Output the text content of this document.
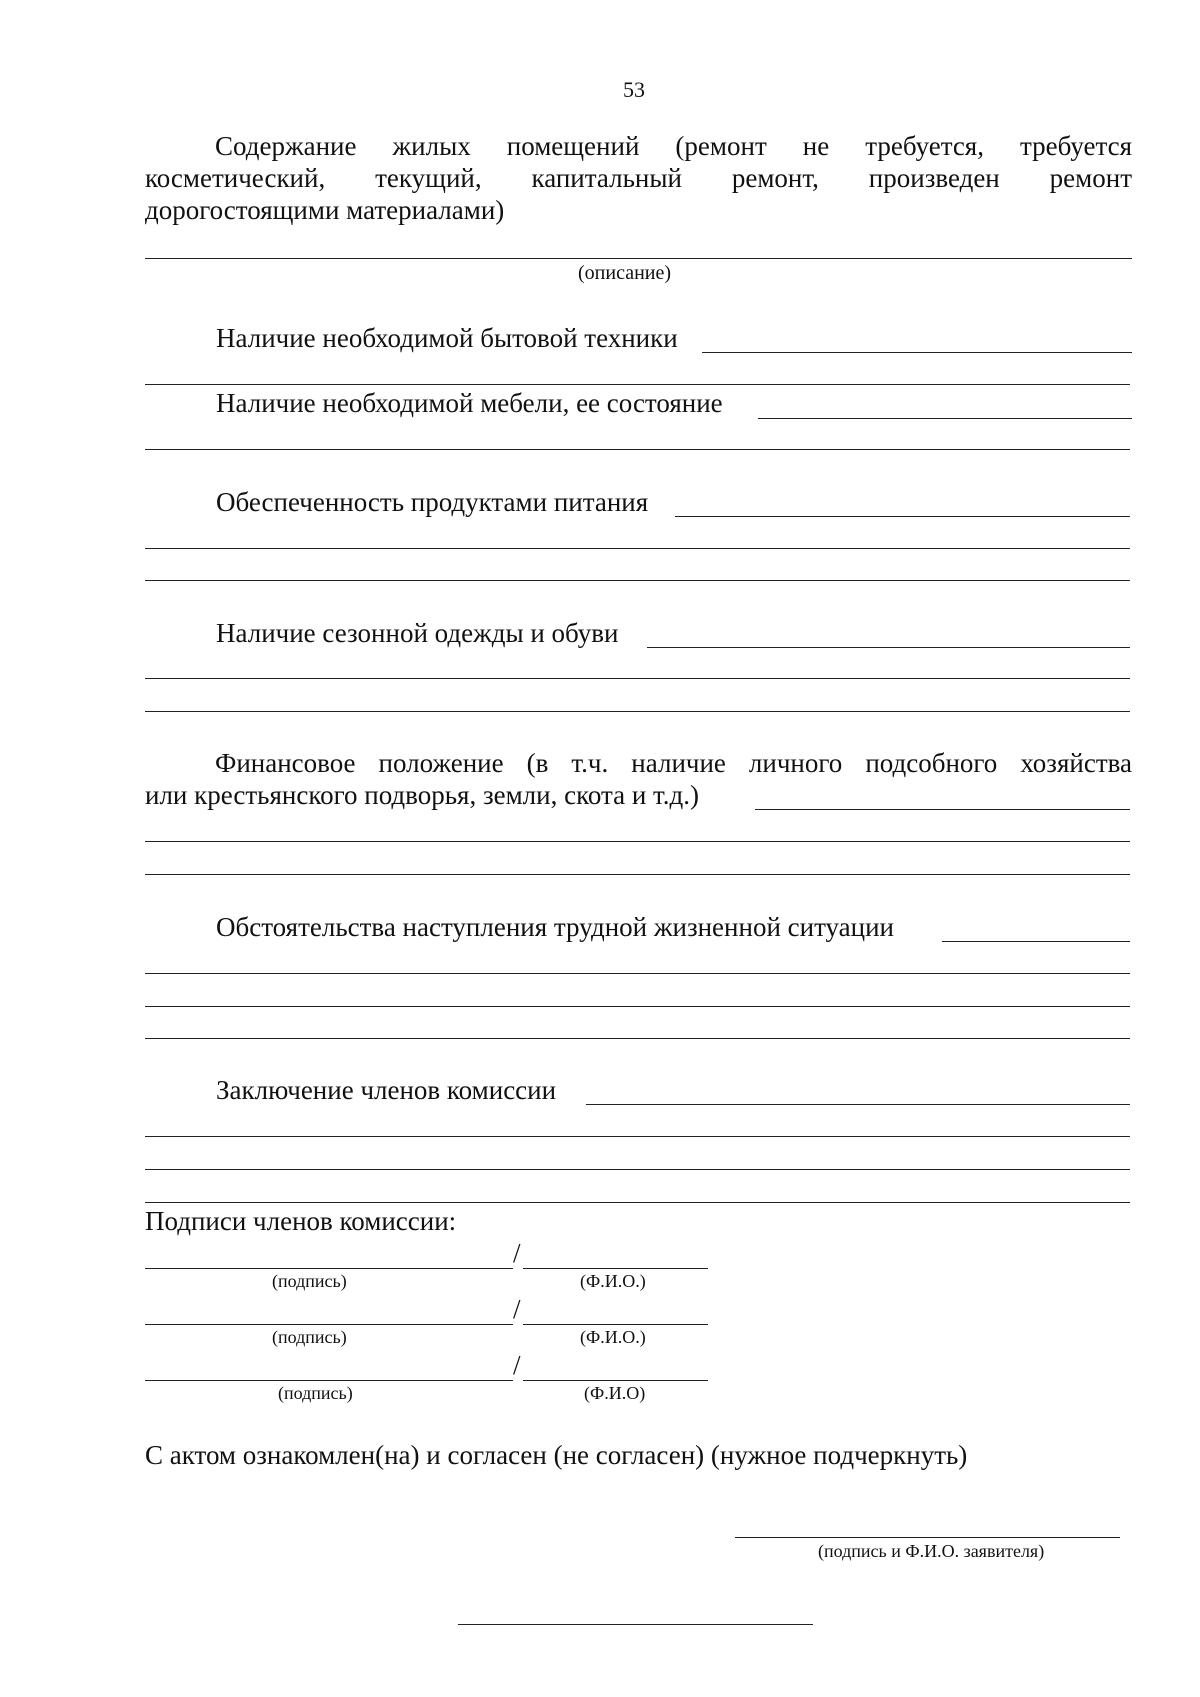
53
Содержание жилых помещений (ремонт не требуется, требуется
косметический, текущий, капитальный ремонт, произведен ремонт
дорогостоящими материалами)
(описание)
Наличие необходимой бытовой техники
Наличие необходимой мебели, ее состояние
Обеспеченность продуктами питания
Наличие сезонной одежды и обуви
Финансовое положение (в т.ч. наличие личного подсобного хозяйства
или крестьянского подворья, земли, скота и т.д.)
Обстоятельства наступления трудной жизненной ситуации
Заключение членов комиссии
Подписи членов комиссии:
/
(подпись)	(Ф.И.О.)
/
(подпись)	(Ф.И.О.)
/
(подпись)	(Ф.И.О)
С актом ознакомлен(на) и согласен (не согласен) (нужное подчеркнуть)
(подпись и Ф.И.О. заявителя)
